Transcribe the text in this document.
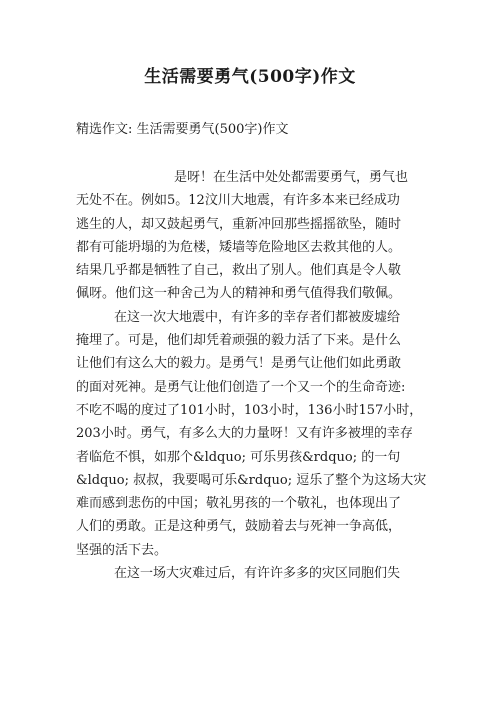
生活需要勇气(500字)作文
精选作文: 生活需要勇气(500字)作文
是呀！在生活中处处都需要勇气，勇气也
无处不在。例如5。12汶川大地震，有许多本来已经成功
逃生的人，却又鼓起勇气，重新冲回那些摇摇欲坠，随时
都有可能坍塌的为危楼，矮墙等危险地区去救其他的人。
结果几乎都是牺牲了自己，救出了别人。他们真是令人敬
佩呀。他们这一种舍己为人的精神和勇气值得我们敬佩。
在这一次大地震中，有许多的幸存者们都被废墟给
掩埋了。可是，他们却凭着顽强的毅力活了下来。是什么
让他们有这么大的毅力。是勇气！是勇气让他们如此勇敢
的面对死神。是勇气让他们创造了一个又一个的生命奇迹:
不吃不喝的度过了101小时，103小时，136小时157小时，
203小时。勇气，有多么大的力量呀！又有许多被埋的幸存
者临危不惧，如那个&ldquo; 可乐男孩&rdquo; 的一句
&ldquo; 叔叔，我要喝可乐&rdquo; 逗乐了整个为这场大灾
难而感到悲伤的中国；敬礼男孩的一个敬礼，也体现出了
人们的勇敢。正是这种勇气，鼓励着去与死神一争高低，
坚强的活下去。
在这一场大灾难过后，有许许多多的灾区同胞们失
